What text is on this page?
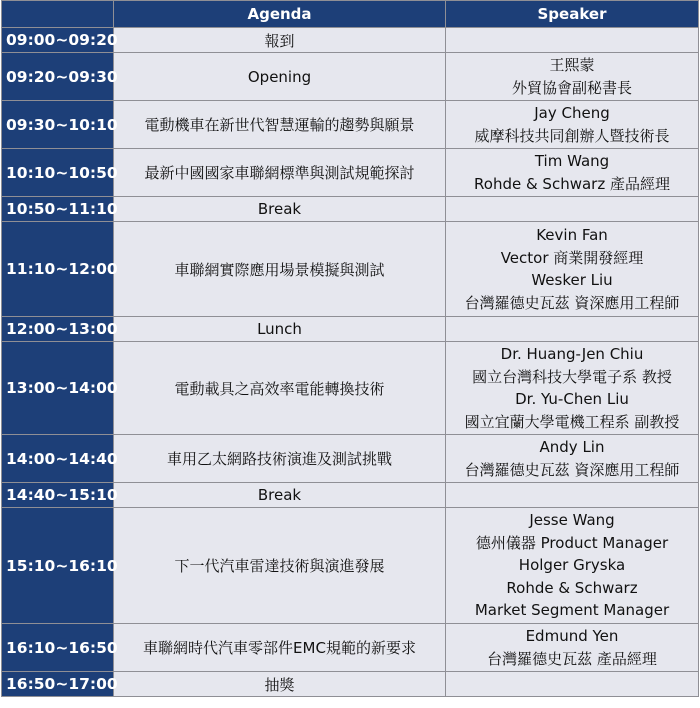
	Agenda	Speaker
09:00~09:20	報到	
09:20~09:30	Opening	王熙蒙
外貿協會副秘書長

09:30~10:10	電動機車在新世代智慧運輸的趨勢與願景	Jay Cheng
威摩科技共同創辦人暨技術長

10:10~10:50	最新中國國家車聯網標準與測試規範探討	Tim Wang
Rohde & Schwarz 產品經理

10:50~11:10	Break	
11:10~12:00	車聯網實際應用場景模擬與測試	Kevin Fan
Vector 商業開發經理
Wesker Liu
台灣羅德史瓦茲 資深應用工程師

12:00~13:00	Lunch	
13:00~14:00	電動載具之高效率電能轉換技術	Dr. Huang-Jen Chiu
國立台灣科技大學電子系 教授
Dr. Yu-Chen Liu
國立宜蘭大學電機工程系 副教授

14:00~14:40	車用乙太網路技術演進及測試挑戰	Andy Lin
台灣羅德史瓦茲 資深應用工程師

14:40~15:10	Break	
15:10~16:10	下一代汽車雷達技術與演進發展	Jesse Wang
德州儀器 Product Manager
Holger Gryska
Rohde & Schwarz
Market Segment Manager

16:10~16:50	車聯網時代汽車零部件EMC規範的新要求	Edmund Yen
台灣羅德史瓦茲 產品經理

16:50~17:00	抽獎	
